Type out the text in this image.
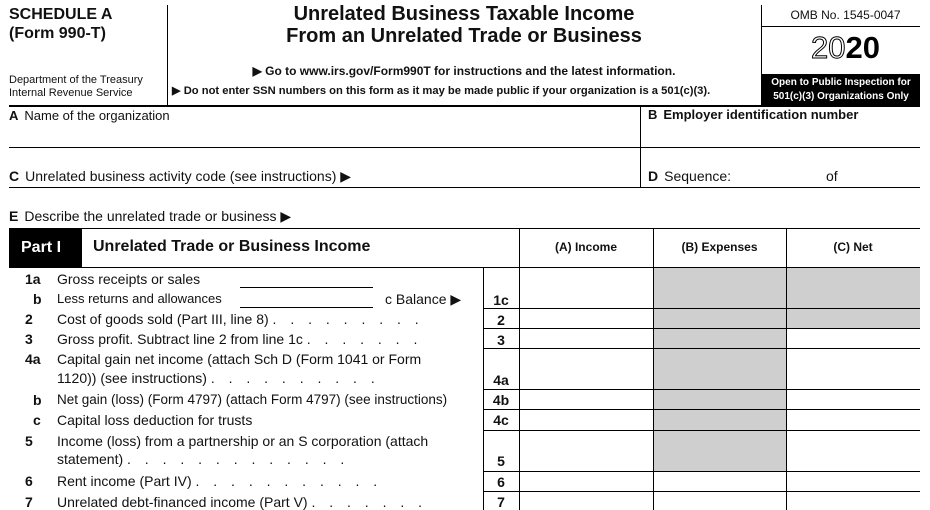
SCHEDULE A
(Form 990-T)
Department of the Treasury
Internal Revenue Service
Unrelated Business Taxable Income
From an Unrelated Trade or Business
▶ Go to www.irs.gov/Form990T for instructions and the latest information.
▶ Do not enter SSN numbers on this form as it may be made public if your organization is a 501(c)(3).
OMB No. 1545-0047
2020
Open to Public Inspection for
501(c)(3) Organizations Only
A Name of the organization	B Employer identification number
C Unrelated business activity code (see instructions) ▶	D Sequence:	of
E Describe the unrelated trade or business ▶
Part I	Unrelated Trade or Business Income	(A) Income	(B) Expenses	(C) Net
1a Gross receipts or sales
b Less returns and allowances	c Balance ▶	1c
2 Cost of goods sold (Part III, line 8) . . . . . . . . .	2
3 Gross profit. Subtract line 2 from line 1c . . . . . . .	3
4a Capital gain net income (attach Sch D (Form 1041 or Form
1120)) (see instructions) . . . . . . . . . .	4a
b Net gain (loss) (Form 4797) (attach Form 4797) (see instructions)	4b
c Capital loss deduction for trusts	4c
5 Income (loss) from a partnership or an S corporation (attach
statement) . . . . . . . . . . . . .	5
6 Rent income (Part IV) . . . . . . . . . . .	6
7 Unrelated debt-financed income (Part V) . . . . . . .	7
